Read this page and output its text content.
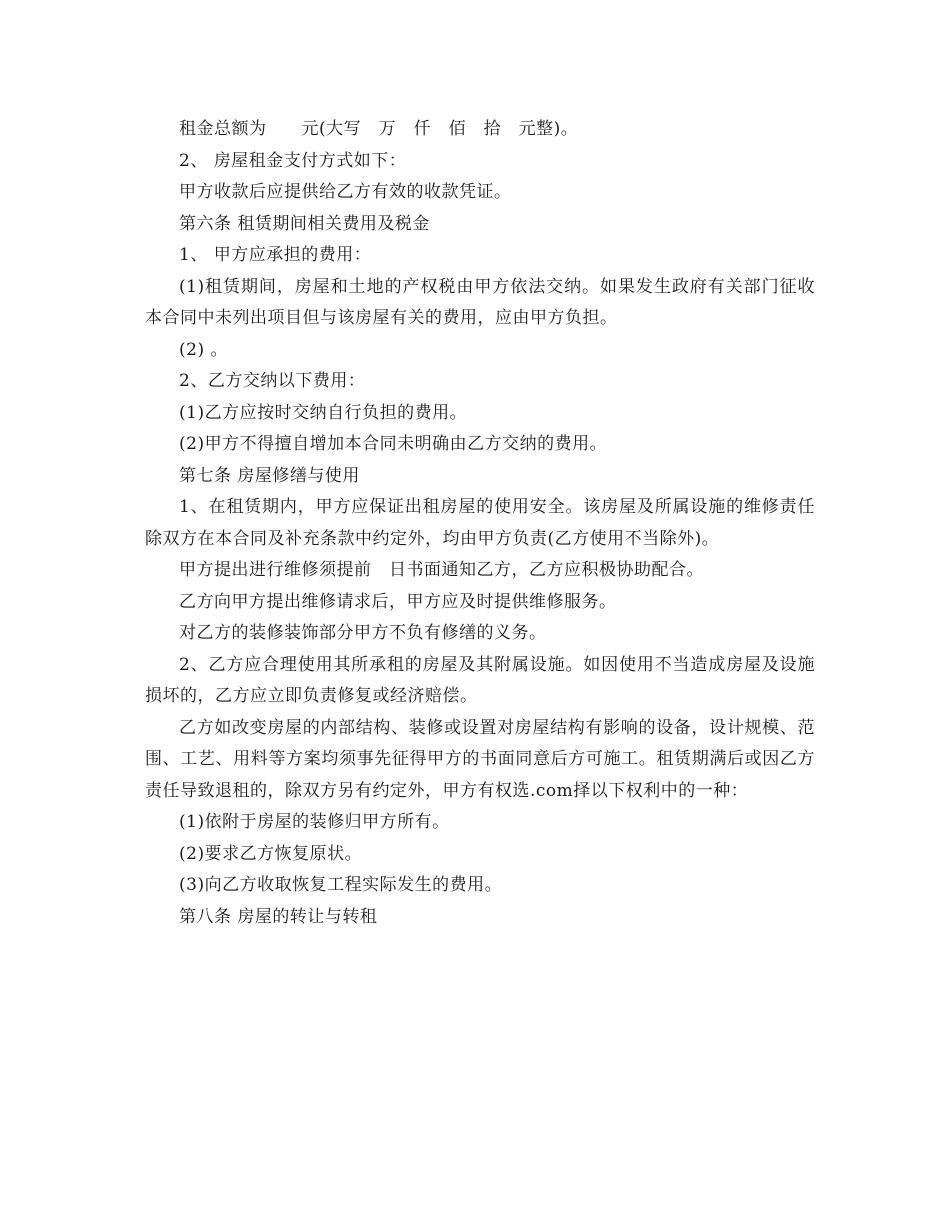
租金总额为　　元(大写　万　仟　佰　拾　元整)。

2、 房屋租金支付方式如下：

甲方收款后应提供给乙方有效的收款凭证。

第六条 租赁期间相关费用及税金

1、 甲方应承担的费用：

(1)租赁期间，房屋和土地的产权税由甲方依法交纳。如果发生政府有关部门征收本合同中未列出项目但与该房屋有关的费用，应由甲方负担。

(2) 。

2、乙方交纳以下费用：

(1)乙方应按时交纳自行负担的费用。

(2)甲方不得擅自增加本合同未明确由乙方交纳的费用。

第七条 房屋修缮与使用

1、在租赁期内，甲方应保证出租房屋的使用安全。该房屋及所属设施的维修责任除双方在本合同及补充条款中约定外，均由甲方负责(乙方使用不当除外)。

甲方提出进行维修须提前　日书面通知乙方，乙方应积极协助配合。

乙方向甲方提出维修请求后，甲方应及时提供维修服务。

对乙方的装修装饰部分甲方不负有修缮的义务。

2、乙方应合理使用其所承租的房屋及其附属设施。如因使用不当造成房屋及设施损坏的，乙方应立即负责修复或经济赔偿。

乙方如改变房屋的内部结构、装修或设置对房屋结构有影响的设备，设计规模、范围、工艺、用料等方案均须事先征得甲方的书面同意后方可施工。租赁期满后或因乙方责任导致退租的，除双方另有约定外，甲方有权选.com择以下权利中的一种：

(1)依附于房屋的装修归甲方所有。

(2)要求乙方恢复原状。

(3)向乙方收取恢复工程实际发生的费用。

第八条 房屋的转让与转租
